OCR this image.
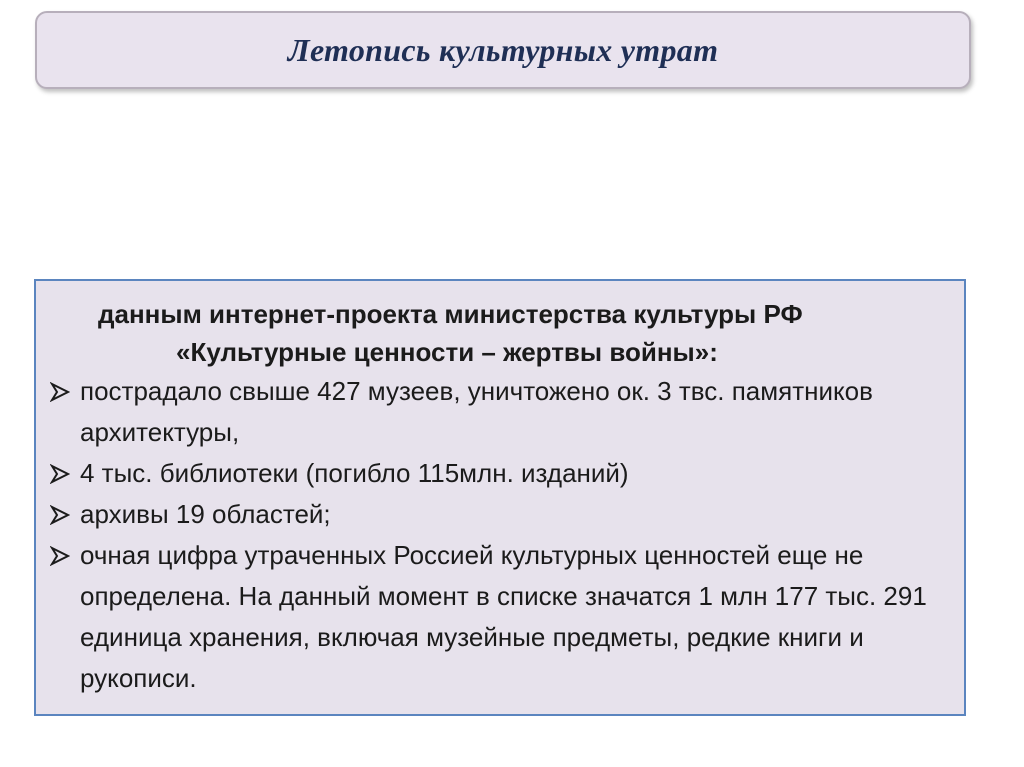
Летопись культурных утрат
данным интернет-проекта министерства культуры РФ
«Культурные ценности – жертвы войны»:
пострадало свыше 427 музеев, уничтожено ок. 3 твс. памятников архитектуры,
4 тыс. библиотеки (погибло 115млн. изданий)
архивы 19 областей;
очная цифра утраченных Россией культурных ценностей еще не определена. На данный момент в списке значатся 1 млн 177 тыс. 291 единица хранения, включая музейные предметы, редкие книги и рукописи.
